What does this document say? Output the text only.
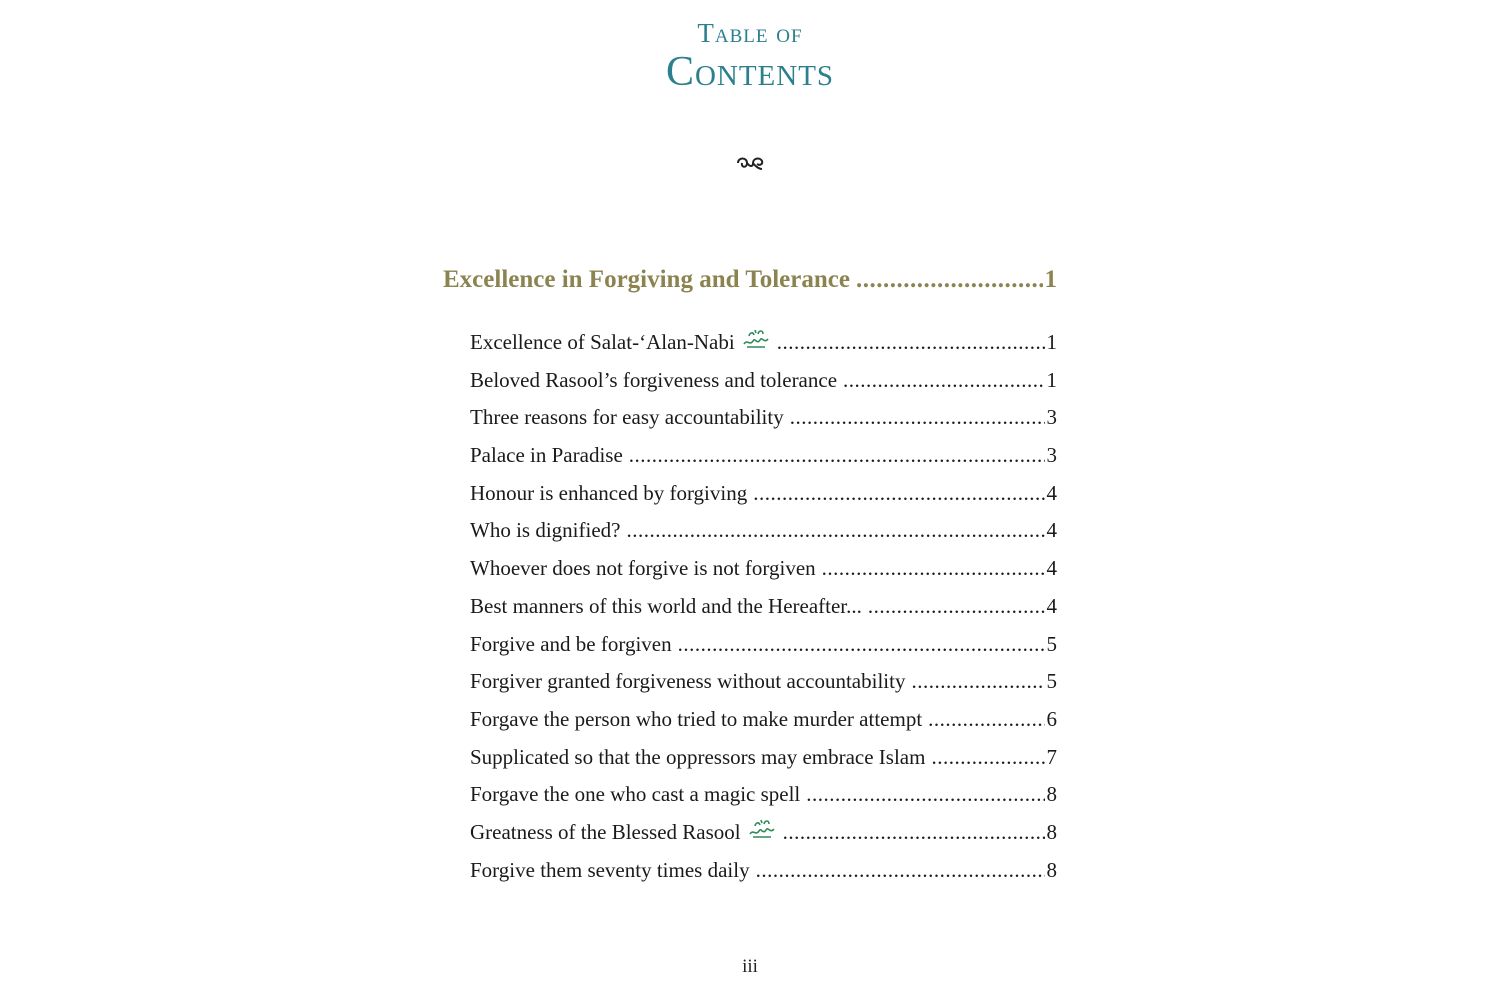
Table of
Contents
Excellence in Forgiving and Tolerance .....	1
Excellence of Salat-‘Alan-Nabi .....	1
Beloved Rasool’s forgiveness and tolerance .....	1
Three reasons for easy accountability .....	3
Palace in Paradise .....	3
Honour is enhanced by forgiving .....	4
Who is dignified? .....	4
Whoever does not forgive is not forgiven .....	4
Best manners of this world and the Hereafter... .....	4
Forgive and be forgiven .....	5
Forgiver granted forgiveness without accountability .....	5
Forgave the person who tried to make murder attempt .....	6
Supplicated so that the oppressors may embrace Islam .....	7
Forgave the one who cast a magic spell .....	8
Greatness of the Blessed Rasool .....	8
Forgive them seventy times daily .....	8
iii
